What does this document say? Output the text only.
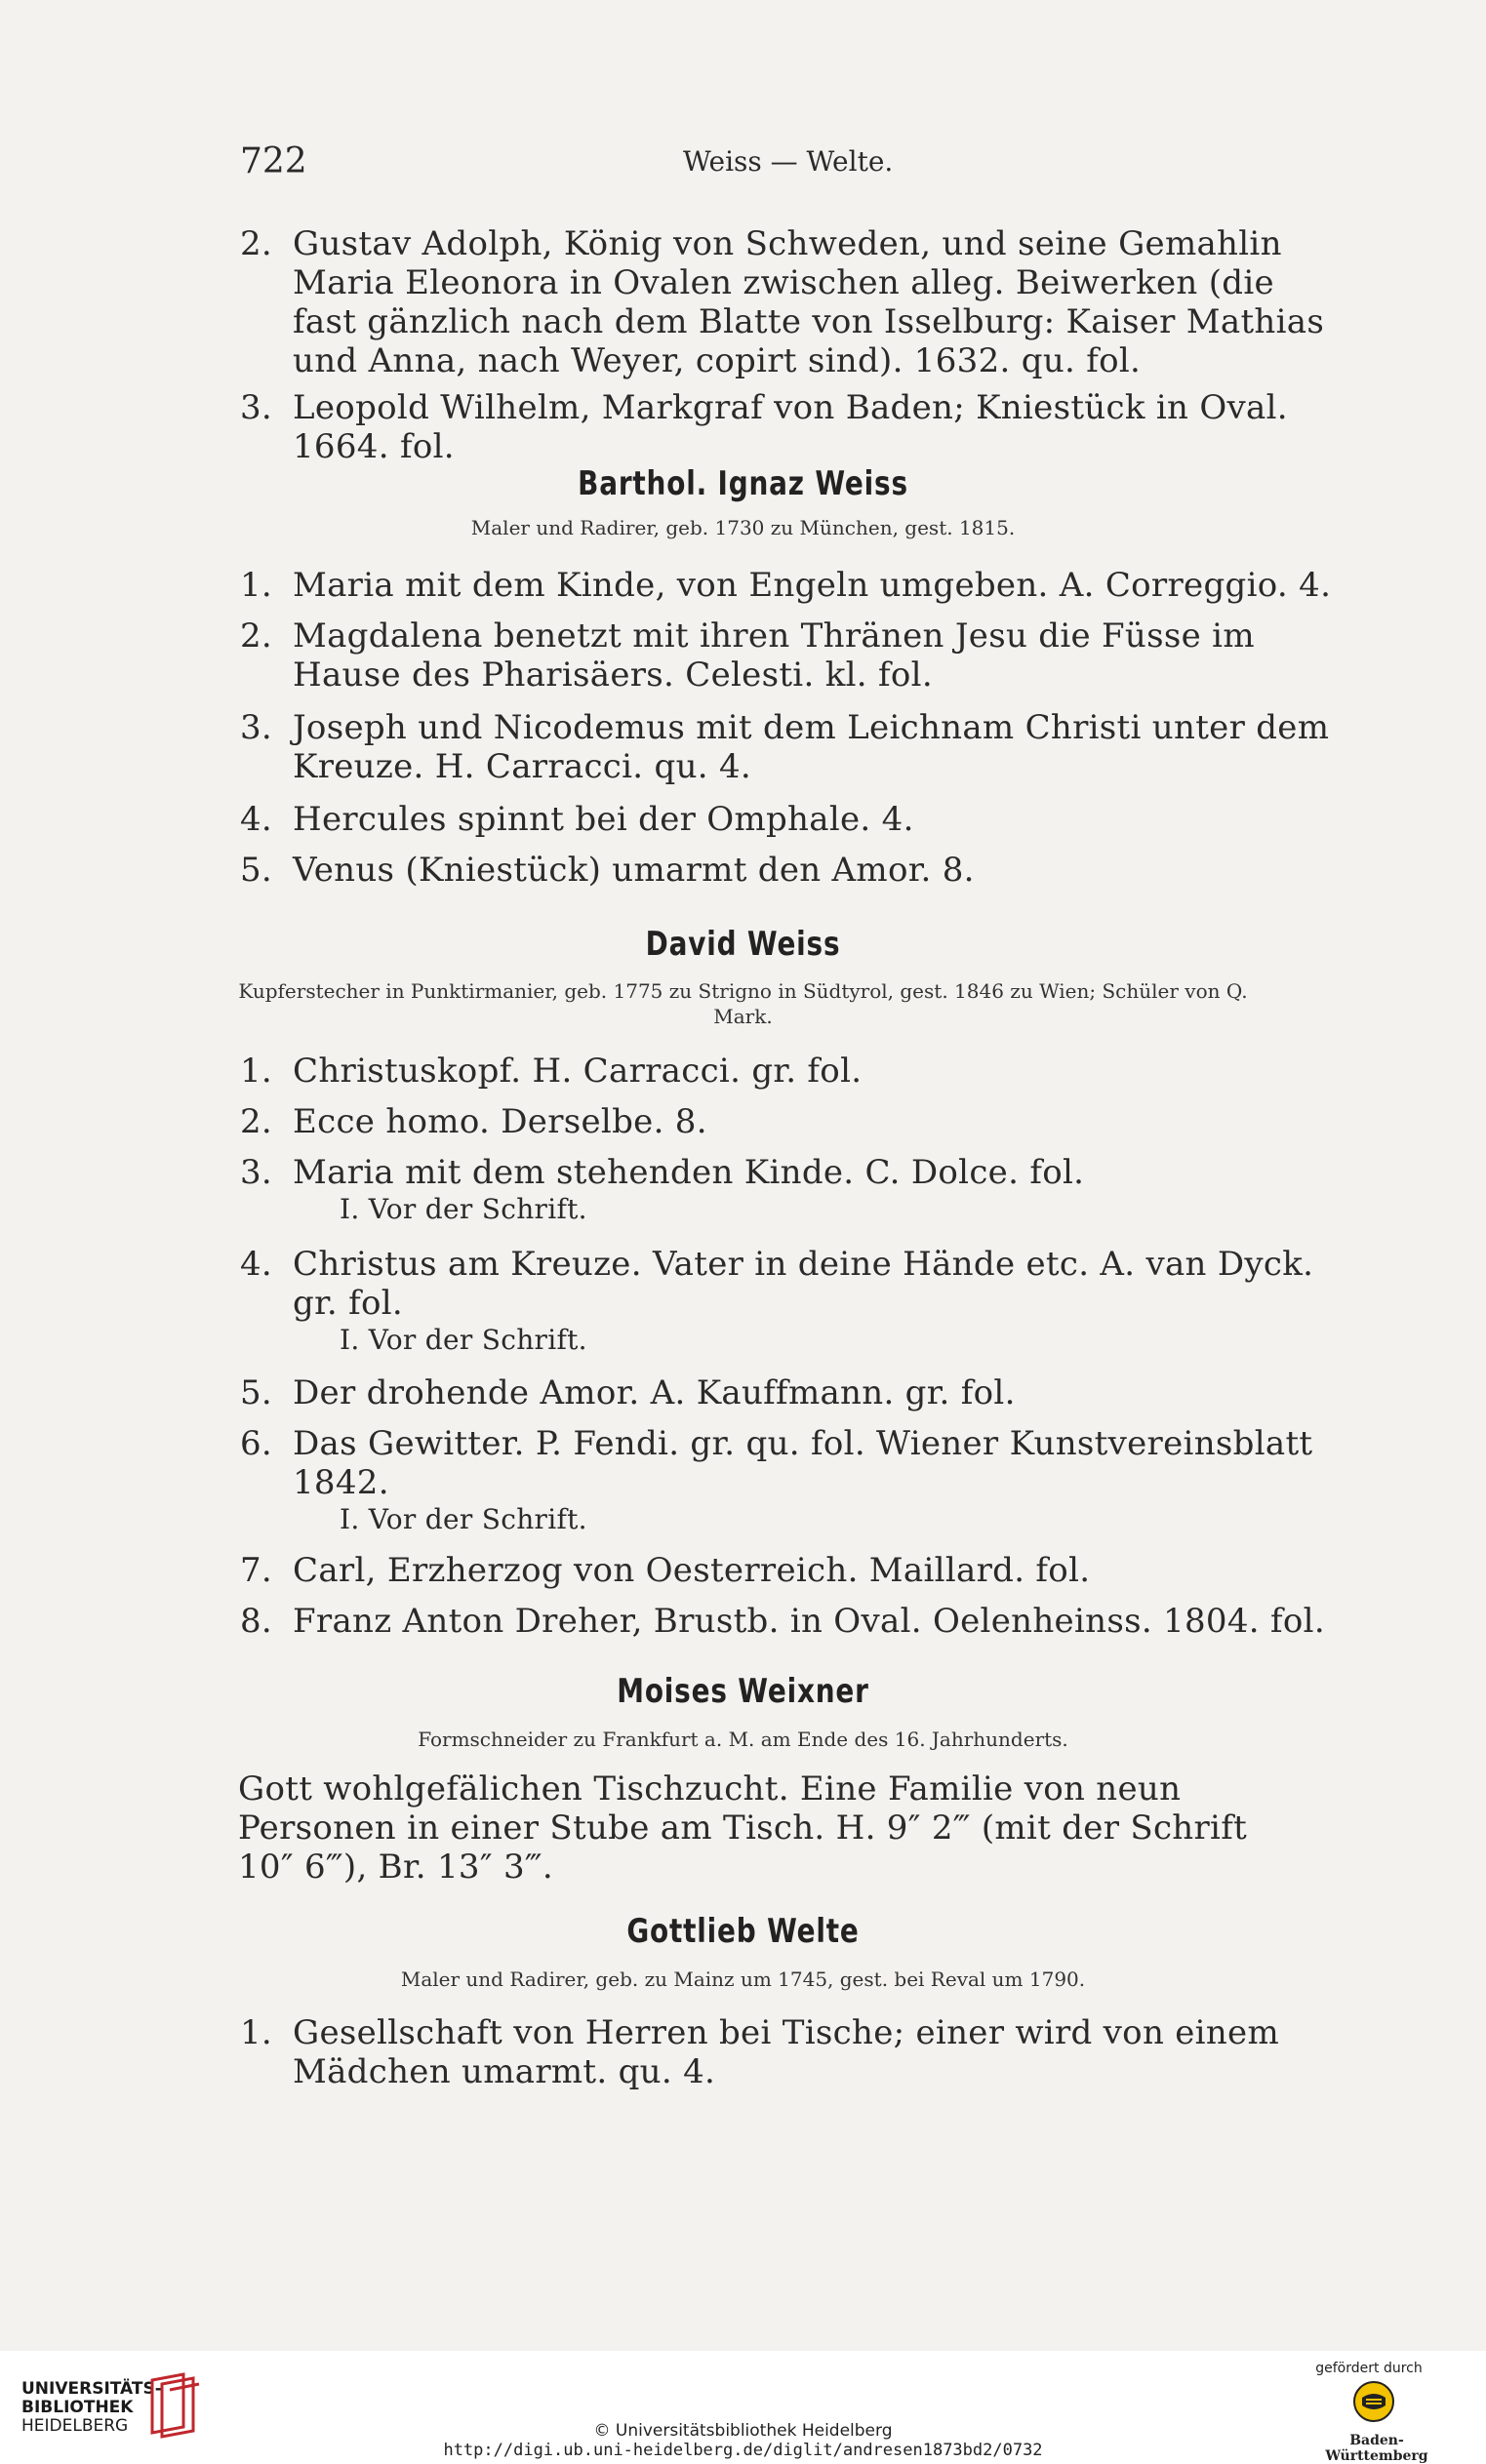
722	Weiss — Welte.
2. Gustav Adolph, König von Schweden, und seine Gemahlin Maria Eleonora in Ovalen zwischen alleg. Beiwerken (die fast gänzlich nach dem Blatte von Isselburg: Kaiser Mathias und Anna, nach Weyer, copirt sind). 1632. qu. fol.
3. Leopold Wilhelm, Markgraf von Baden; Kniestück in Oval. 1664. fol.
Barthol. Ignaz Weiss
Maler und Radirer, geb. 1730 zu München, gest. 1815.
1. Maria mit dem Kinde, von Engeln umgeben. A. Correggio. 4.
2. Magdalena benetzt mit ihren Thränen Jesu die Füsse im Hause des Pharisäers. Celesti. kl. fol.
3. Joseph und Nicodemus mit dem Leichnam Christi unter dem Kreuze. H. Carracci. qu. 4.
4. Hercules spinnt bei der Omphale. 4.
5. Venus (Kniestück) umarmt den Amor. 8.
David Weiss
Kupferstecher in Punktirmanier, geb. 1775 zu Strigno in Südtyrol, gest. 1846 zu Wien; Schüler von Q. Mark.
1. Christuskopf. H. Carracci. gr. fol.
2. Ecce homo. Derselbe. 8.
3. Maria mit dem stehenden Kinde. C. Dolce. fol.
I. Vor der Schrift.
4. Christus am Kreuze. Vater in deine Hände etc. A. van Dyck. gr. fol.
I. Vor der Schrift.
5. Der drohende Amor. A. Kauffmann. gr. fol.
6. Das Gewitter. P. Fendi. gr. qu. fol. Wiener Kunstvereinsblatt 1842.
I. Vor der Schrift.
7. Carl, Erzherzog von Oesterreich. Maillard. fol.
8. Franz Anton Dreher, Brustb. in Oval. Oelenheinss. 1804. fol.
Moises Weixner
Formschneider zu Frankfurt a. M. am Ende des 16. Jahrhunderts.
Gott wohlgefälichen Tischzucht. Eine Familie von neun Personen in einer Stube am Tisch. H. 9″ 2‴ (mit der Schrift 10″ 6‴), Br. 13″ 3‴.
Gottlieb Welte
Maler und Radirer, geb. zu Mainz um 1745, gest. bei Reval um 1790.
1. Gesellschaft von Herren bei Tische; einer wird von einem Mädchen umarmt. qu. 4.
UNIVERSITÄTS-
BIBLIOTHEK
HEIDELBERG	© Universitätsbibliothek Heidelberg
http://digi.ub.uni-heidelberg.de/diglit/andresen1873bd2/0732
gefördert durch
Baden-Württemberg
